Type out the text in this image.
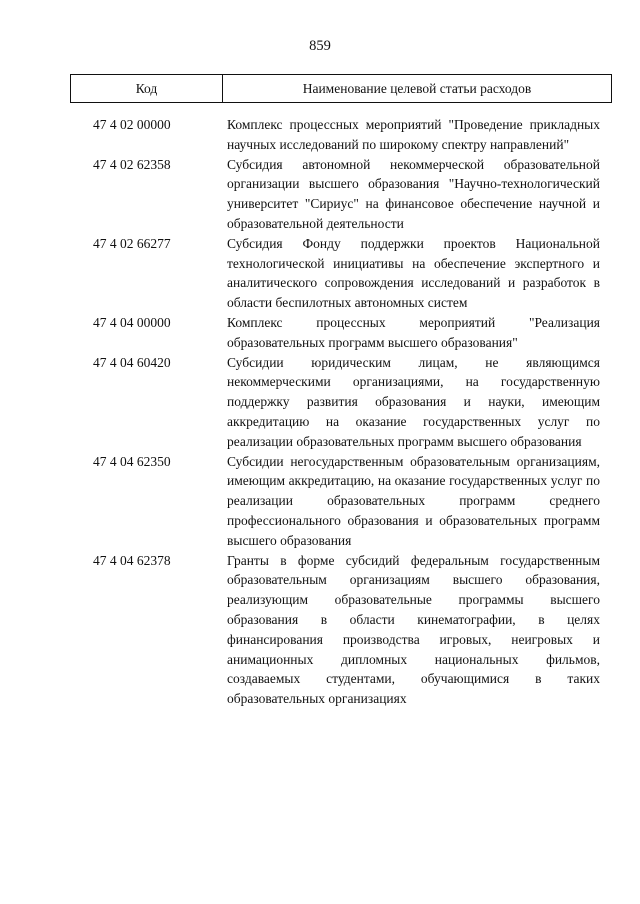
859
Код	Наименование целевой статьи расходов
47 4 02 00000	Комплекс процессных мероприятий "Проведение прикладных научных исследований по широкому спектру направлений"
47 4 02 62358	Субсидия автономной некоммерческой образовательной организации высшего образования "Научно-технологический университет "Сириус" на финансовое обеспечение научной и образовательной деятельности
47 4 02 66277	Субсидия Фонду поддержки проектов Национальной технологической инициативы на обеспечение экспертного и аналитического сопровождения исследований и разработок в области беспилотных автономных систем
47 4 04 00000	Комплекс процессных мероприятий "Реализация образовательных программ высшего образования"
47 4 04 60420	Субсидии юридическим лицам, не являющимся некоммерческими организациями, на государственную поддержку развития образования и науки, имеющим аккредитацию на оказание государственных услуг по реализации образовательных программ высшего образования
47 4 04 62350	Субсидии негосударственным образовательным организациям, имеющим аккредитацию, на оказание государственных услуг по реализации образовательных программ среднего профессионального образования и образовательных программ высшего образования
47 4 04 62378	Гранты в форме субсидий федеральным государственным образовательным организациям высшего образования, реализующим образовательные программы высшего образования в области кинематографии, в целях финансирования производства игровых, неигровых и анимационных дипломных национальных фильмов, создаваемых студентами, обучающимися в таких образовательных организациях
